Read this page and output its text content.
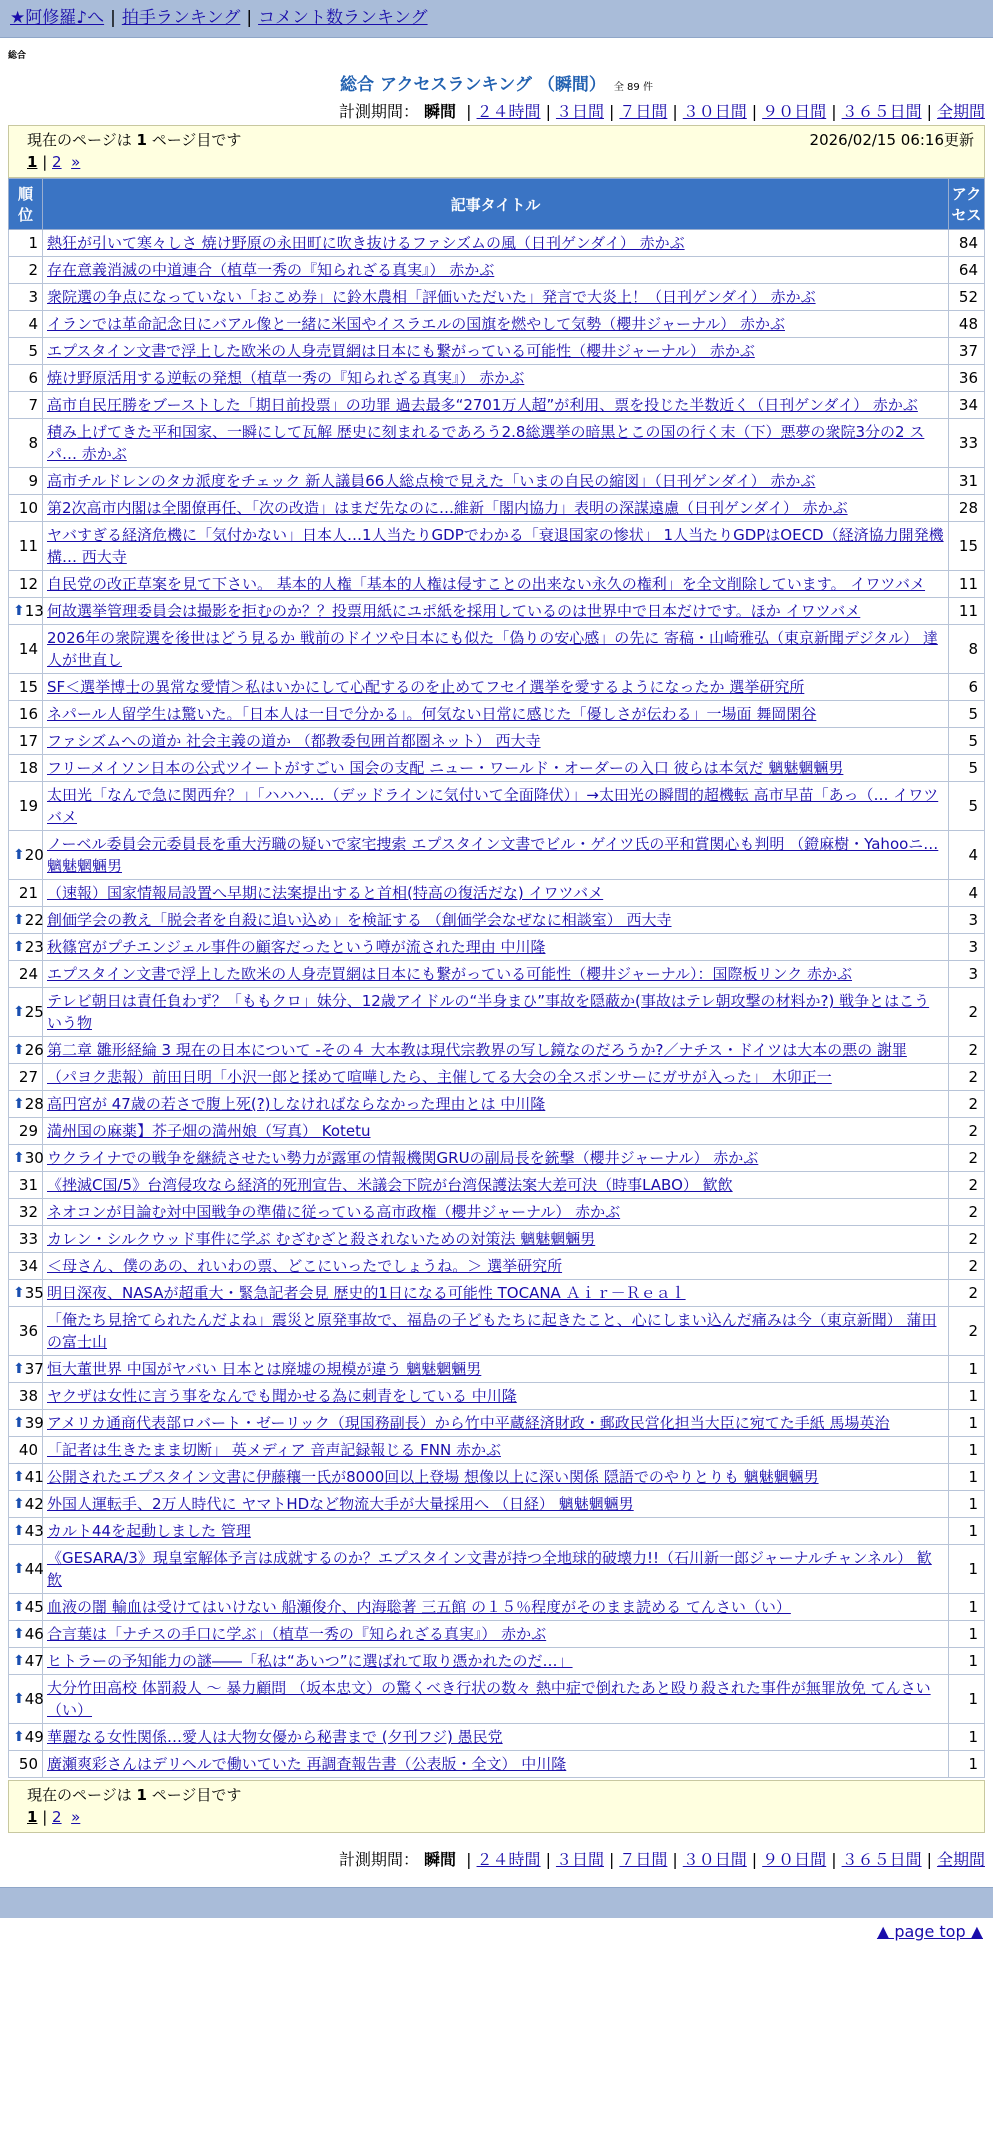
★阿修羅♪へ | 拍手ランキング | コメント数ランキング
総合
総合 アクセスランキング （瞬間） 全 89 件
計測期間： 瞬間 | ２４時間 | ３日間 | ７日間 | ３０日間 | ９０日間 | ３６５日間 | 全期間
現在のページは 1 ページ目です	2026/02/15 06:16更新
1 | 2 »
順位	記事タイトル	アクセス
1	熱狂が引いて寒々しさ 焼け野原の永田町に吹き抜けるファシズムの風（日刊ゲンダイ） 赤かぶ	84
2	存在意義消滅の中道連合（植草一秀の『知られざる真実』） 赤かぶ	64
3	衆院選の争点になっていない「おこめ券」に鈴木農相「評価いただいた」発言で大炎上！（日刊ゲンダイ） 赤かぶ	52
4	イランでは革命記念日にバアル像と一緒に米国やイスラエルの国旗を燃やして気勢（櫻井ジャーナル） 赤かぶ	48
5	エプスタイン文書で浮上した欧米の人身売買網は日本にも繋がっている可能性（櫻井ジャーナル） 赤かぶ	37
6	焼け野原活用する逆転の発想（植草一秀の『知られざる真実』） 赤かぶ	36
7	高市自民圧勝をブーストした「期日前投票」の功罪 過去最多“2701万人超”が利用、票を投じた半数近く（日刊ゲンダイ） 赤かぶ	34
8	積み上げてきた平和国家、一瞬にして瓦解 歴史に刻まれるであろう2.8総選挙の暗黒とこの国の行く末（下）悪夢の衆院3分の2 スパ… 赤かぶ	33
9	高市チルドレンのタカ派度をチェック 新人議員66人総点検で見えた「いまの自民の縮図」（日刊ゲンダイ） 赤かぶ	31
10	第2次高市内閣は全閣僚再任、「次の改造」はまだ先なのに…維新「閣内協力」表明の深謀遠慮（日刊ゲンダイ） 赤かぶ	28
11	ヤバすぎる経済危機に「気付かない」日本人…1人当たりGDPでわかる「衰退国家の惨状」 1人当たりGDPはOECD（経済協力開発機構… 西大寺	15
12	自民党の改正草案を見て下さい。 基本的人権「基本的人権は侵すことの出来ない永久の権利」を全文削除しています。 イワツバメ	11

⬆ 13	何故選挙管理委員会は撮影を拒むのか？？投票用紙にユポ紙を採用しているのは世界中で日本だけです。ほか イワツバメ	11
14	2026年の衆院選を後世はどう見るか 戦前のドイツや日本にも似た「偽りの安心感」の先に 寄稿・山崎雅弘（東京新聞デジタル） 達人が世直し	8
15	SF＜選挙博士の異常な愛情＞私はいかにして心配するのを止めてフセイ選挙を愛するようになったか 選挙研究所	6
16	ネパール人留学生は驚いた。「日本人は一目で分かる」。何気ない日常に感じた「優しさが伝わる」一場面 舞岡閑谷	5
17	ファシズムへの道か 社会主義の道か （都教委包囲首都圏ネット） 西大寺	5
18	フリーメイソン日本の公式ツイートがすごい 国会の支配 ニュー・ワールド・オーダーの入口 彼らは本気だ 魑魅魍魎男	5
19	太田光「なんで急に関西弁？」「ハハハ…（デッドラインに気付いて全面降伏）」→太田光の瞬間的超機転 高市早苗「あっ（… イワツバメ	5

⬆ 20	ノーベル委員会元委員長を重大汚職の疑いで家宅捜索 エプスタイン文書でビル・ゲイツ氏の平和賞関心も判明 （鐙麻樹・Yahooニ… 魑魅魍魎男	4
21	（速報）国家情報局設置へ早期に法案提出すると首相(特高の復活だな) イワツバメ	4

⬆ 22	創価学会の教え「脱会者を自殺に追い込め」を検証する （創価学会なぜなに相談室） 西大寺	3

⬆ 23	秋篠宮がプチエンジェル事件の顧客だったという噂が流された理由 中川隆	3
24	エプスタイン文書で浮上した欧米の人身売買網は日本にも繋がっている可能性（櫻井ジャーナル）：国際板リンク 赤かぶ	3

⬆ 25	テレビ朝日は責任負わず？「ももクロ」妹分、12歳アイドルの“半身まひ”事故を隠蔽か(事故はテレ朝攻撃の材料か?) 戦争とはこういう物	2

⬆ 26	第二章 雛形経綸 3 現在の日本について -その４ 大本教は現代宗教界の写し鏡なのだろうか?／ナチス・ドイツは大本の悪の 謝罪	2
27	（パヨク悲報）前田日明「小沢一郎と揉めて喧嘩したら、主催してる大会の全スポンサーにガサが入った」 木卯正一	2

⬆ 28	高円宮が 47歳の若さで腹上死(?)しなければならなかった理由とは 中川隆	2
29	満州国の麻薬】芥子畑の満州娘（写真） Kotetu	2

⬆ 30	ウクライナでの戦争を継続させたい勢力が露軍の情報機関GRUの副局長を銃撃（櫻井ジャーナル） 赤かぶ	2
31	《挫滅C国/5》台湾侵攻なら経済的死刑宣告、米議会下院が台湾保護法案大差可決（時事LABO） 歓飲	2
32	ネオコンが目論む対中国戦争の準備に従っている高市政権（櫻井ジャーナル） 赤かぶ	2
33	カレン・シルクウッド事件に学ぶ むざむざと殺されないための対策法 魑魅魍魎男	2
34	＜母さん、僕のあの、れいわの票、どこにいったでしょうね。＞ 選挙研究所	2

⬆ 35	明日深夜、NASAが超重大・緊急記者会見 歴史的1日になる可能性 TOCANA Ａｉｒ－Ｒｅａｌ	2
36	「俺たち見捨てられたんだよね」震災と原発事故で、福島の子どもたちに起きたこと、心にしまい込んだ痛みは今（東京新聞） 蒲田の富士山	2

⬆ 37	恒大董世界 中国がヤバい 日本とは廃墟の規模が違う 魑魅魍魎男	1
38	ヤクザは女性に言う事をなんでも聞かせる為に刺青をしている 中川隆	1

⬆ 39	アメリカ通商代表部ロバート・ゼーリック（現国務副長）から竹中平蔵経済財政・郵政民営化担当大臣に宛てた手紙 馬場英治	1
40	「記者は生きたまま切断」 英メディア 音声記録報じる FNN 赤かぶ	1

⬆ 41	公開されたエプスタイン文書に伊藤穰一氏が8000回以上登場 想像以上に深い関係 隠語でのやりとりも 魑魅魍魎男	1

⬆ 42	外国人運転手、2万人時代に ヤマトHDなど物流大手が大量採用へ （日経） 魑魅魍魎男	1

⬆ 43	カルト44を起動しました 管理	1

⬆ 44	《GESARA/3》現皇室解体予言は成就するのか？エプスタイン文書が持つ全地球的破壊力!!（石川新一郎ジャーナルチャンネル） 歓飲	1

⬆ 45	血液の闇 輸血は受けてはいけない 船瀬俊介、内海聡著 三五館 の１５％程度がそのまま読める てんさい（い）	1

⬆ 46	合言葉は「ナチスの手口に学ぶ」（植草一秀の『知られざる真実』） 赤かぶ	1

⬆ 47	ヒトラーの予知能力の謎――「私は“あいつ”に選ばれて取り憑かれたのだ…」	1

⬆ 48	大分竹田高校 体罰殺人 ～ 暴力顧問 （坂本忠文）の驚くべき行状の数々 熱中症で倒れたあと殴り殺された事件が無罪放免 てんさい（い）	1

⬆ 49	華麗なる女性関係…愛人は大物女優から秘書まで (夕刊フジ) 愚民党	1
50	廣瀬爽彩さんはデリヘルで働いていた 再調査報告書（公表版・全文） 中川隆	1
現在のページは 1 ページ目です
1 | 2 »
計測期間： 瞬間 | ２４時間 | ３日間 | ７日間 | ３０日間 | ９０日間 | ３６５日間 | 全期間
▲ page top ▲
